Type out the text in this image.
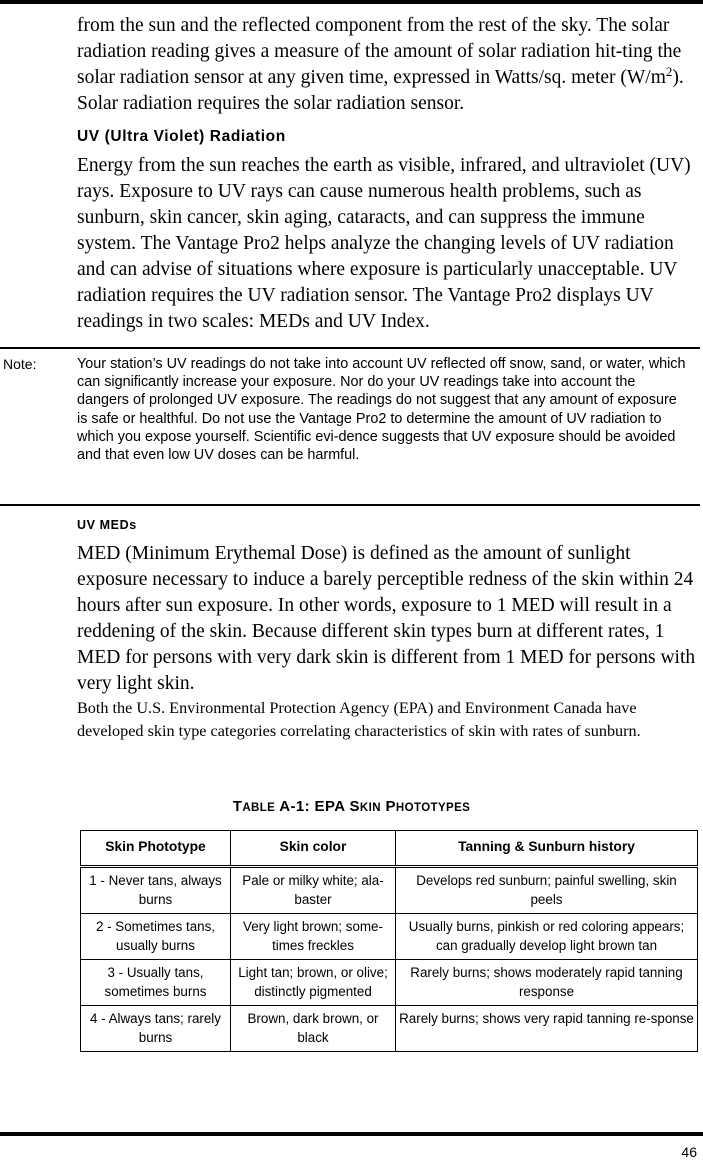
from the sun and the reflected component from the rest of the sky. The solar radiation reading gives a measure of the amount of solar radiation hit-ting the solar radiation sensor at any given time, expressed in Watts/sq. meter $(W/m^2)$. Solar radiation requires the solar radiation sensor.

UV (Ultra Violet) Radiation

Energy from the sun reaches the earth as visible, infrared, and ultraviolet (UV) rays. Exposure to UV rays can cause numerous health problems, such as sunburn, skin cancer, skin aging, cataracts, and can suppress the immune system. The Vantage Pro2 helps analyze the changing levels of UV radiation and can advise of situations where exposure is particularly unacceptable. UV radiation requires the UV radiation sensor. The Vantage Pro2 displays UV readings in two scales: MEDs and UV Index.

Note:	Your station’s UV readings do not take into account UV reflected off snow, sand, or water, which can significantly increase your exposure. Nor do your UV readings take into account the dangers of prolonged UV exposure. The readings do not suggest that any amount of exposure is safe or healthful. Do not use the Vantage Pro2 to determine the amount of UV radiation to which you expose yourself. Scientific evi-dence suggests that UV exposure should be avoided and that even low UV doses can be harmful.

UV MEDs

MED (Minimum Erythemal Dose) is defined as the amount of sunlight exposure necessary to induce a barely perceptible redness of the skin within 24 hours after sun exposure. In other words, exposure to 1 MED will result in a reddening of the skin. Because different skin types burn at different rates, 1 MED for persons with very dark skin is different from 1 MED for persons with very light skin.

Both the U.S. Environmental Protection Agency (EPA) and Environment Canada have developed skin type categories correlating characteristics of skin with rates of sunburn.

TABLE A-1: EPA SKIN PHOTOTYPES
Skin Phototype	Skin color	Tanning & Sunburn history
1 - Never tans, always burns	Pale or milky white; ala-baster	Develops red sunburn; painful swelling, skin peels
2 - Sometimes tans, usually burns	Very light brown; some-times freckles	Usually burns, pinkish or red coloring appears; can gradually develop light brown tan
3 - Usually tans, sometimes burns	Light tan; brown, or olive; distinctly pigmented	Rarely burns; shows moderately rapid tanning response
4 - Always tans; rarely burns	Brown, dark brown, or black	Rarely burns; shows very rapid tanning re-sponse
46
